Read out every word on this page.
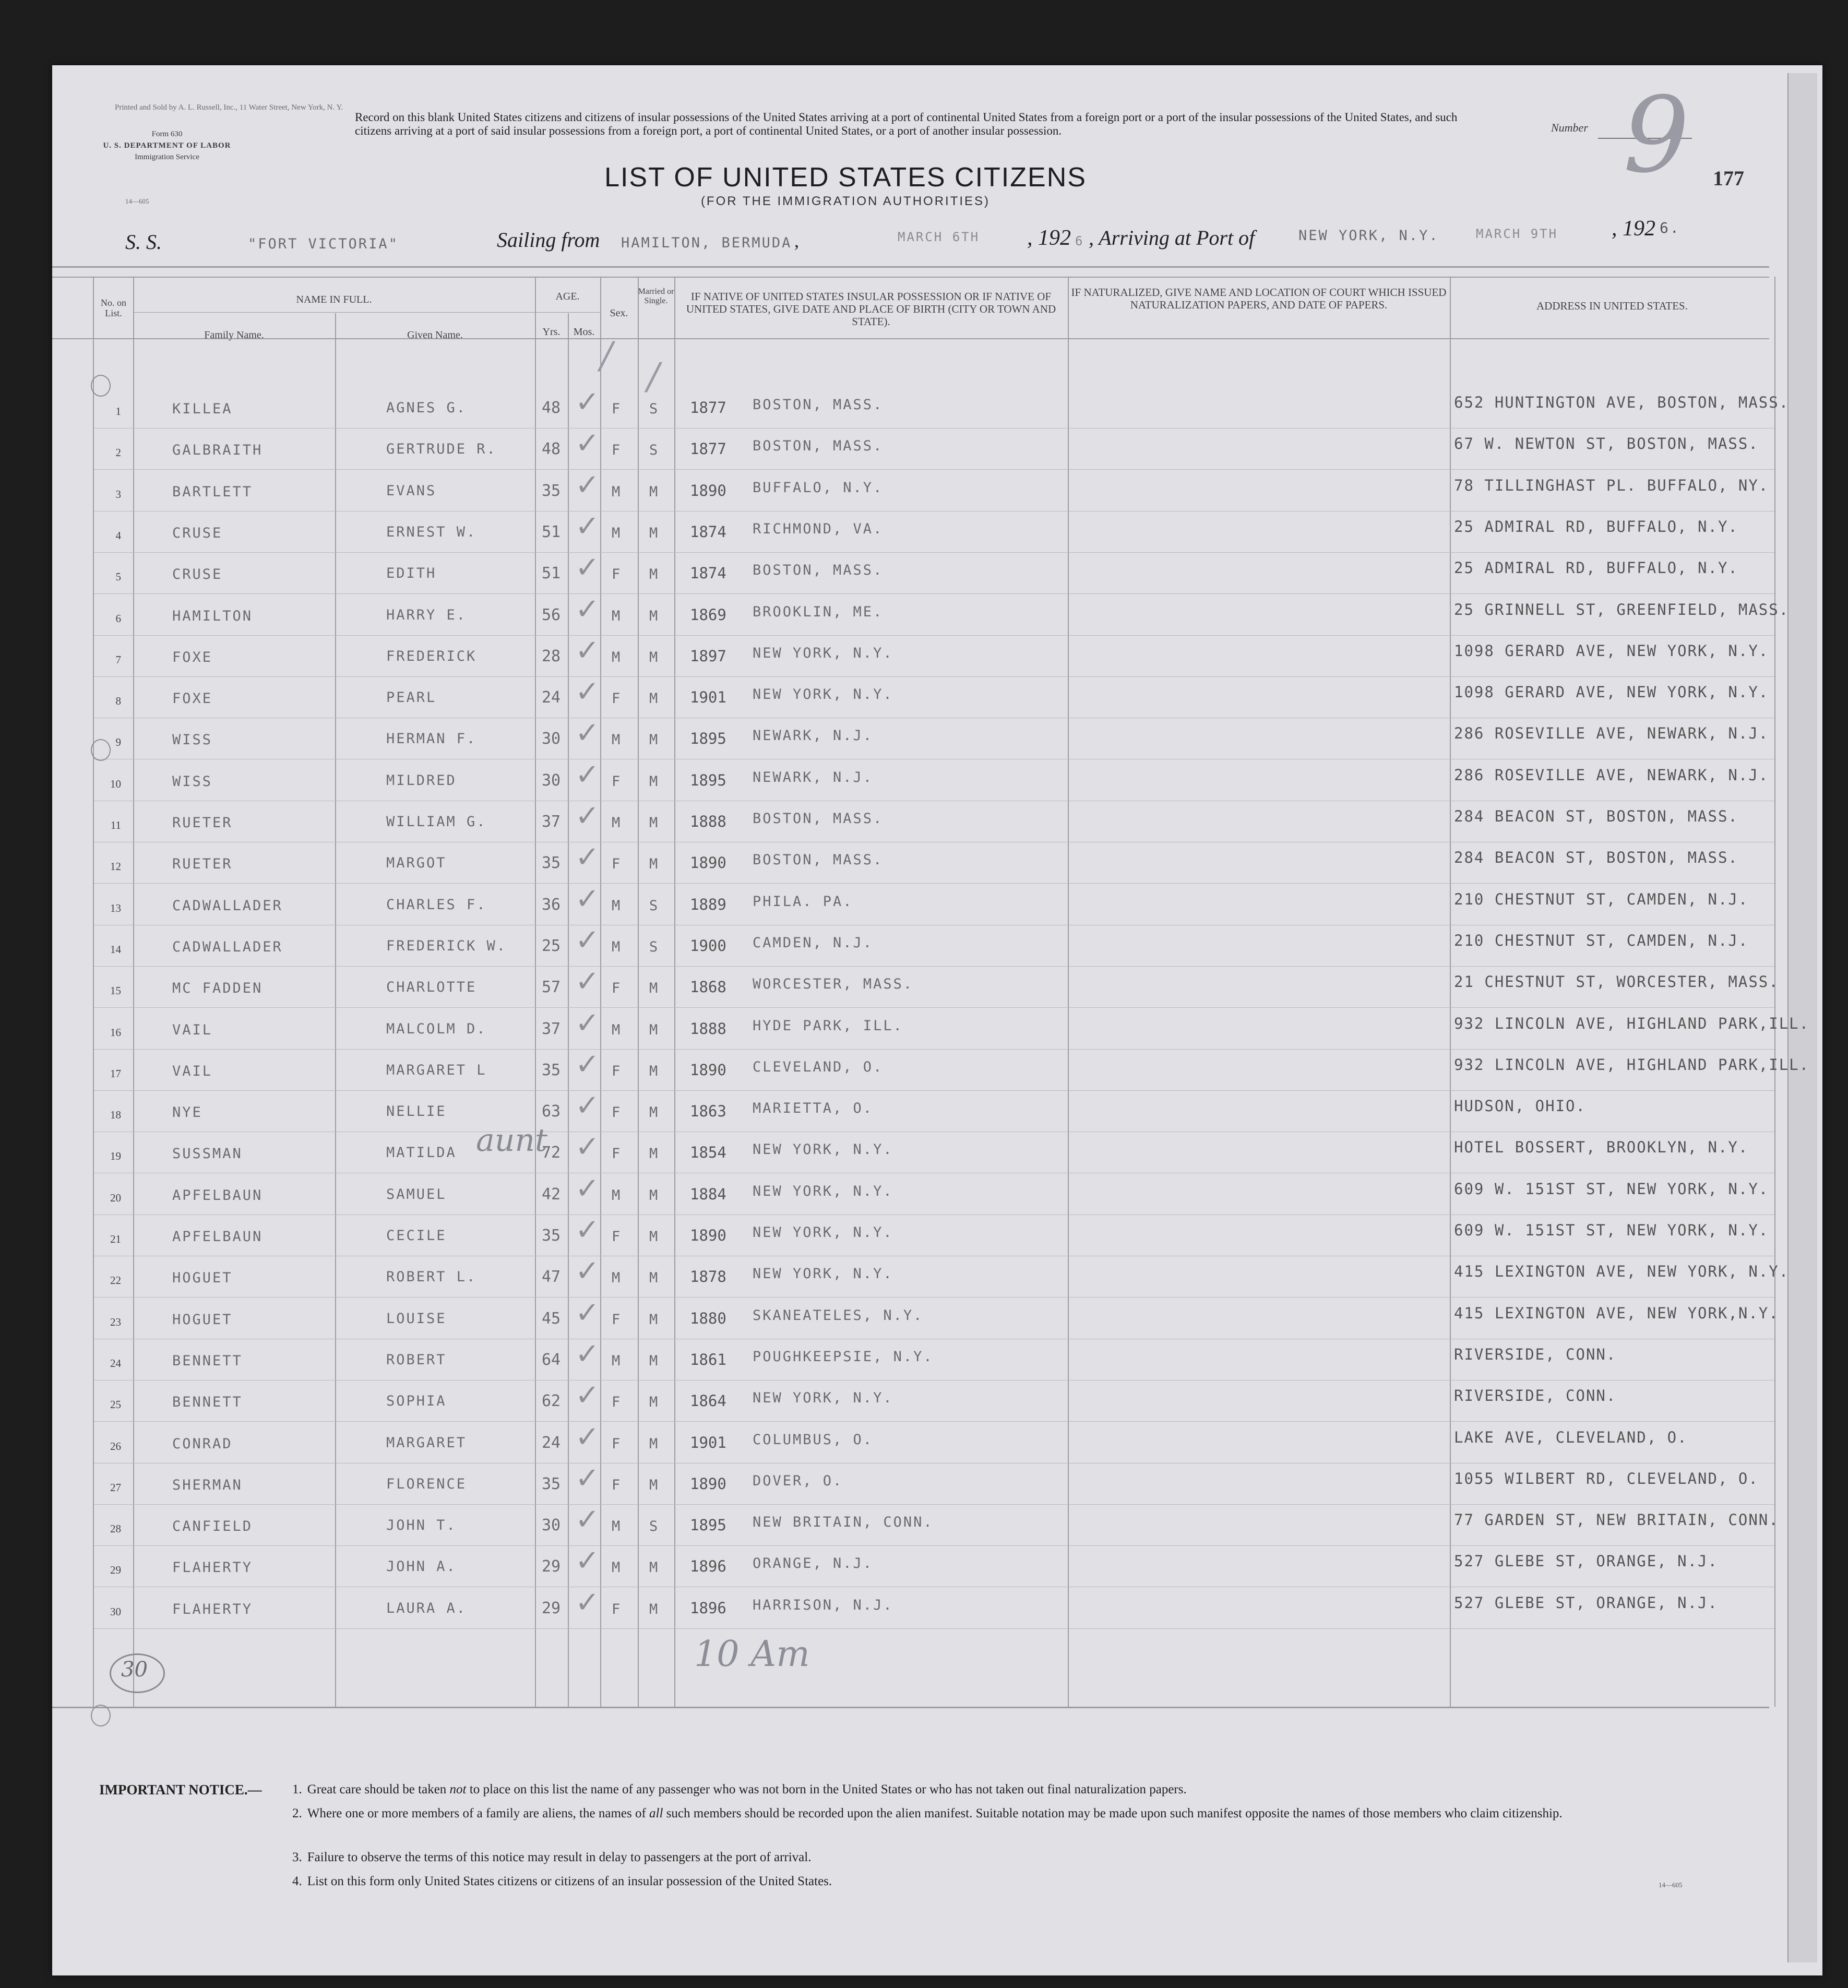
Printed and Sold by A. L. Russell, Inc., 11 Water Street, New York, N. Y.
Form 630
U. S. DEPARTMENT OF LABOR
Immigration Service
14—605
Record on this blank United States citizens and citizens of insular possessions of the United States arriving at a port of continental United States from a foreign port or a port of the insular possessions of the United States, and such citizens arriving at a port of said insular possessions from a foreign port, a port of continental United States, or a port of another insular possession.	Number 9 177
LIST OF UNITED STATES CITIZENS
(FOR THE IMMIGRATION AUTHORITIES)
S. S.	"FORT VICTORIA"	Sailing from HAMILTON, BERMUDA ,	MARCH 6TH , 192 6 , Arriving at Port of	NEW YORK, N.Y.	MARCH 9TH , 192 6.
No. on List.
NAME IN FULL.
Family Name.	Given Name.
AGE.
Yrs.	Mos.
Sex.
Married or Single.	IF NATIVE OF UNITED STATES INSULAR POSSESSION OR IF NATIVE OF UNITED STATES, GIVE DATE AND PLACE OF BIRTH (CITY OR TOWN AND STATE).
IF NATURALIZED, GIVE NAME AND LOCATION OF COURT WHICH ISSUED NATURALIZATION PAPERS, AND DATE OF PAPERS.	ADDRESS IN UNITED STATES.
1	KILLEA	AGNES G.	48 ✓ F S 1877 BOSTON, MASS.	652 HUNTINGTON AVE, BOSTON, MASS.
2	GALBRAITH	GERTRUDE R.	48 ✓ F S 1877 BOSTON, MASS.	67 W. NEWTON ST, BOSTON, MASS.
3	BARTLETT	EVANS	35 ✓ M M 1890 BUFFALO, N.Y.	78 TILLINGHAST PL. BUFFALO, NY.
4	CRUSE	ERNEST W.	51 ✓ M M 1874 RICHMOND, VA.	25 ADMIRAL RD, BUFFALO, N.Y.
5	CRUSE	EDITH	51 ✓ F M 1874 BOSTON, MASS.	25 ADMIRAL RD, BUFFALO, N.Y.
6	HAMILTON	HARRY E.	56 ✓ M M 1869 BROOKLIN, ME.	25 GRINNELL ST, GREENFIELD, MASS.
7	FOXE	FREDERICK	28 ✓ M M 1897 NEW YORK, N.Y.	1098 GERARD AVE, NEW YORK, N.Y.
8	FOXE	PEARL	24 ✓ F M 1901 NEW YORK, N.Y.	1098 GERARD AVE, NEW YORK, N.Y.
9	WISS	HERMAN F.	30 ✓ M M 1895 NEWARK, N.J.	286 ROSEVILLE AVE, NEWARK, N.J.
10	WISS	MILDRED	30 ✓ F M 1895 NEWARK, N.J.	286 ROSEVILLE AVE, NEWARK, N.J.
11	RUETER	WILLIAM G.	37 ✓ M M 1888 BOSTON, MASS.	284 BEACON ST, BOSTON, MASS.
12	RUETER	MARGOT	35 ✓ F M 1890 BOSTON, MASS.	284 BEACON ST, BOSTON, MASS.
13	CADWALLADER	CHARLES F.	36 ✓ M S 1889 PHILA. PA.	210 CHESTNUT ST, CAMDEN, N.J.
14	CADWALLADER	FREDERICK W. 25 ✓ M S 1900 CAMDEN, N.J.	210 CHESTNUT ST, CAMDEN, N.J.
15	MC FADDEN	CHARLOTTE	57 ✓ F M 1868 WORCESTER, MASS.	21 CHESTNUT ST, WORCESTER, MASS.
16	VAIL	MALCOLM D.	37 ✓ M M 1888 HYDE PARK, ILL.	932 LINCOLN AVE, HIGHLAND PARK,ILL.
17	VAIL	MARGARET L	35 ✓ F M 1890 CLEVELAND, O.	932 LINCOLN AVE, HIGHLAND PARK,ILL.
18	NYE	NELLIE	63 ✓ F M 1863 MARIETTA, O.	HUDSON, OHIO.
19	SUSSMAN	MATILDA	72 ✓ F M 1854 NEW YORK, N.Y.	HOTEL BOSSERT, BROOKLYN, N.Y.
20	APFELBAUN	SAMUEL	42 ✓ M M 1884 NEW YORK, N.Y.	609 W. 151ST ST, NEW YORK, N.Y.
21	APFELBAUN	CECILE	35 ✓ F M 1890 NEW YORK, N.Y.	609 W. 151ST ST, NEW YORK, N.Y.
22	HOGUET	ROBERT L.	47 ✓ M M 1878 NEW YORK, N.Y.	415 LEXINGTON AVE, NEW YORK, N.Y.
23	HOGUET	LOUISE	45 ✓ F M 1880 SKANEATELES, N.Y.	415 LEXINGTON AVE, NEW YORK,N.Y.
24	BENNETT	ROBERT	64 ✓ M M 1861 POUGHKEEPSIE, N.Y.	RIVERSIDE, CONN.
25	BENNETT	SOPHIA	62 ✓ F M 1864 NEW YORK, N.Y.	RIVERSIDE, CONN.
26	CONRAD	MARGARET	24 ✓ F M 1901 COLUMBUS, O.	LAKE AVE, CLEVELAND, O.
27	SHERMAN	FLORENCE	35 ✓ F M 1890 DOVER, O.	1055 WILBERT RD, CLEVELAND, O.
28	CANFIELD	JOHN T.	30 ✓ M S 1895 NEW BRITAIN, CONN.	77 GARDEN ST, NEW BRITAIN, CONN.
29	FLAHERTY	JOHN A.	29 ✓ M M 1896 ORANGE, N.J.	527 GLEBE ST, ORANGE, N.J.
30	FLAHERTY	LAURA A.	29 ✓ F M 1896 HARRISON, N.J.	527 GLEBE ST, ORANGE, N.J.
/ /
aunt
30	10 Am
IMPORTANT NOTICE.— 1. Great care should be taken not to place on this list the name of any passenger who was not born in the United States or who has not taken out final naturalization papers.
2. Where one or more members of a family are aliens, the names of all such members should be recorded upon the alien manifest. Suitable notation may be made upon such manifest opposite the names of those members who claim citizenship.
3. Failure to observe the terms of this notice may result in delay to passengers at the port of arrival.
4. List on this form only United States citizens or citizens of an insular possession of the United States.	14—605
